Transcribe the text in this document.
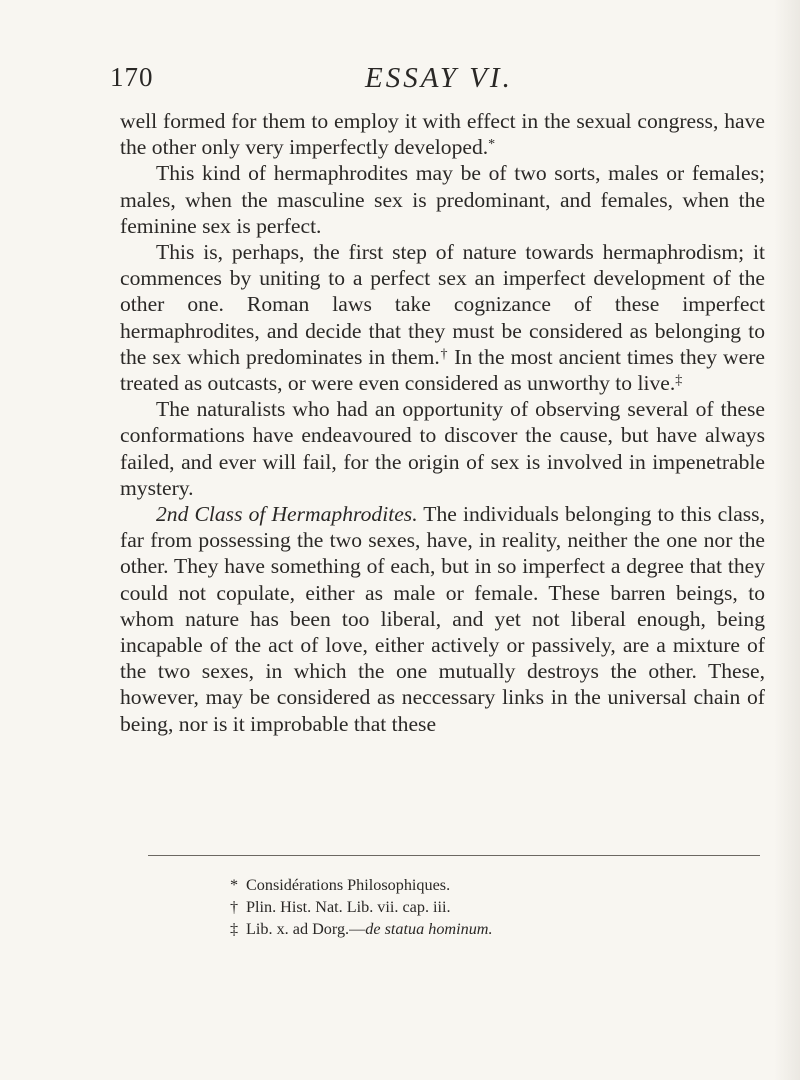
170	ESSAY VI.

well formed for them to employ it with effect in the sexual congress, have the other only very imperfectly developed.*

This kind of hermaphrodites may be of two sorts, males or females; males, when the masculine sex is predominant, and females, when the feminine sex is perfect.

This is, perhaps, the first step of nature towards hermaphrodism; it commences by uniting to a perfect sex an imperfect development of the other one. Roman laws take cognizance of these imperfect hermaphrodites, and decide that they must be considered as belonging to the sex which predominates in them.† In the most ancient times they were treated as outcasts, or were even considered as unworthy to live.‡

The naturalists who had an opportunity of observing several of these conformations have endeavoured to discover the cause, but have always failed, and ever will fail, for the origin of sex is involved in impenetrable mystery.

2nd Class of Hermaphrodites. The individuals belonging to this class, far from possessing the two sexes, have, in reality, neither the one nor the other. They have something of each, but in so imperfect a degree that they could not copulate, either as male or female. These barren beings, to whom nature has been too liberal, and yet not liberal enough, being incapable of the act of love, either actively or passively, are a mixture of the two sexes, in which the one mutually destroys the other. These, however, may be considered as neccessary links in the universal chain of being, nor is it improbable that these

* Considérations Philosophiques.
† Plin. Hist. Nat. Lib. vii. cap. iii.
‡ Lib. x. ad Dorg.—de statua hominum.
